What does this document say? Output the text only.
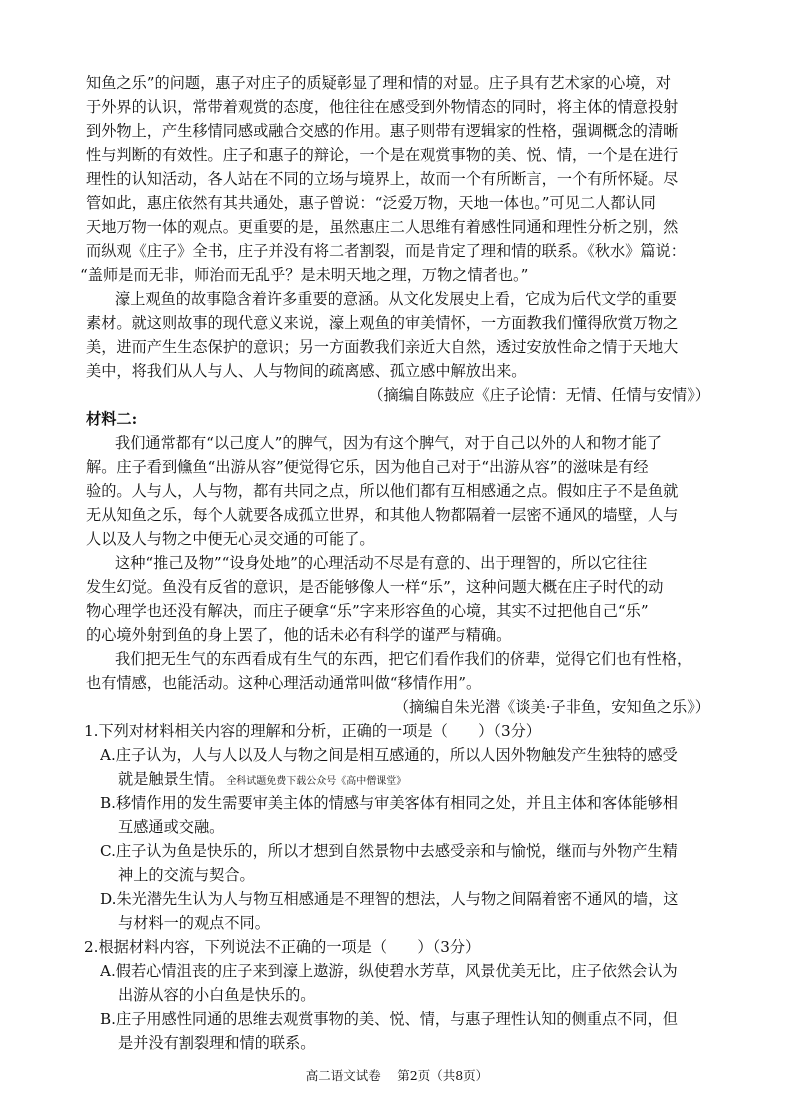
知鱼之乐”的问题，惠子对庄子的质疑彰显了理和情的对显。庄子具有艺术家的心境，对
于外界的认识，常带着观赏的态度，他往往在感受到外物情态的同时，将主体的情意投射
到外物上，产生移情同感或融合交感的作用。惠子则带有逻辑家的性格，强调概念的清晰
性与判断的有效性。庄子和惠子的辩论，一个是在观赏事物的美、悦、情，一个是在进行
理性的认知活动，各人站在不同的立场与境界上，故而一个有所断言，一个有所怀疑。尽
管如此，惠庄依然有其共通处，惠子曾说：“泛爱万物，天地一体也。”可见二人都认同
天地万物一体的观点。更重要的是，虽然惠庄二人思维有着感性同通和理性分析之别，然
而纵观《庄子》全书，庄子并没有将二者割裂，而是肯定了理和情的联系。《秋水》篇说：
“盖师是而无非，师治而无乱乎？是未明天地之理，万物之情者也。”
濠上观鱼的故事隐含着许多重要的意涵。从文化发展史上看，它成为后代文学的重要
素材。就这则故事的现代意义来说，濠上观鱼的审美情怀，一方面教我们懂得欣赏万物之
美，进而产生生态保护的意识；另一方面教我们亲近大自然，透过安放性命之情于天地大
美中，将我们从人与人、人与物间的疏离感、孤立感中解放出来。
（摘编自陈鼓应《庄子论情：无情、任情与安情》）
材料二:
我们通常都有“以己度人”的脾气，因为有这个脾气，对于自己以外的人和物才能了
解。庄子看到儵鱼“出游从容”便觉得它乐，因为他自己对于“出游从容”的滋味是有经
验的。人与人，人与物，都有共同之点，所以他们都有互相感通之点。假如庄子不是鱼就
无从知鱼之乐，每个人就要各成孤立世界，和其他人物都隔着一层密不通风的墙壁，人与
人以及人与物之中便无心灵交通的可能了。
这种“推己及物”“设身处地”的心理活动不尽是有意的、出于理智的，所以它往往
发生幻觉。鱼没有反省的意识，是否能够像人一样“乐”，这种问题大概在庄子时代的动
物心理学也还没有解决，而庄子硬拿“乐”字来形容鱼的心境，其实不过把他自己“乐”
的心境外射到鱼的身上罢了，他的话未必有科学的谨严与精确。
我们把无生气的东西看成有生气的东西，把它们看作我们的侪辈，觉得它们也有性格，
也有情感，也能活动。这种心理活动通常叫做“移情作用”。
（摘编自朱光潜《谈美·子非鱼，安知鱼之乐》）
1.下列对材料相关内容的理解和分析，正确的一项是（　　）（3分）
A.庄子认为，人与人以及人与物之间是相互感通的，所以人因外物触发产生独特的感受
就是触景生情。 全科试题免费下载公众号《高中僧课堂》
B.移情作用的发生需要审美主体的情感与审美客体有相同之处，并且主体和客体能够相
互感通或交融。
C.庄子认为鱼是快乐的，所以才想到自然景物中去感受亲和与愉悦，继而与外物产生精
神上的交流与契合。
D.朱光潜先生认为人与物互相感通是不理智的想法，人与物之间隔着密不通风的墙，这
与材料一的观点不同。
2.根据材料内容，下列说法不正确的一项是（　　）（3分）
A.假若心情沮丧的庄子来到濠上遨游，纵使碧水芳草，风景优美无比，庄子依然会认为
出游从容的小白鱼是快乐的。
B.庄子用感性同通的思维去观赏事物的美、悦、情，与惠子理性认知的侧重点不同，但
是并没有割裂理和情的联系。
高二语文试卷　 第2页（共8页）
